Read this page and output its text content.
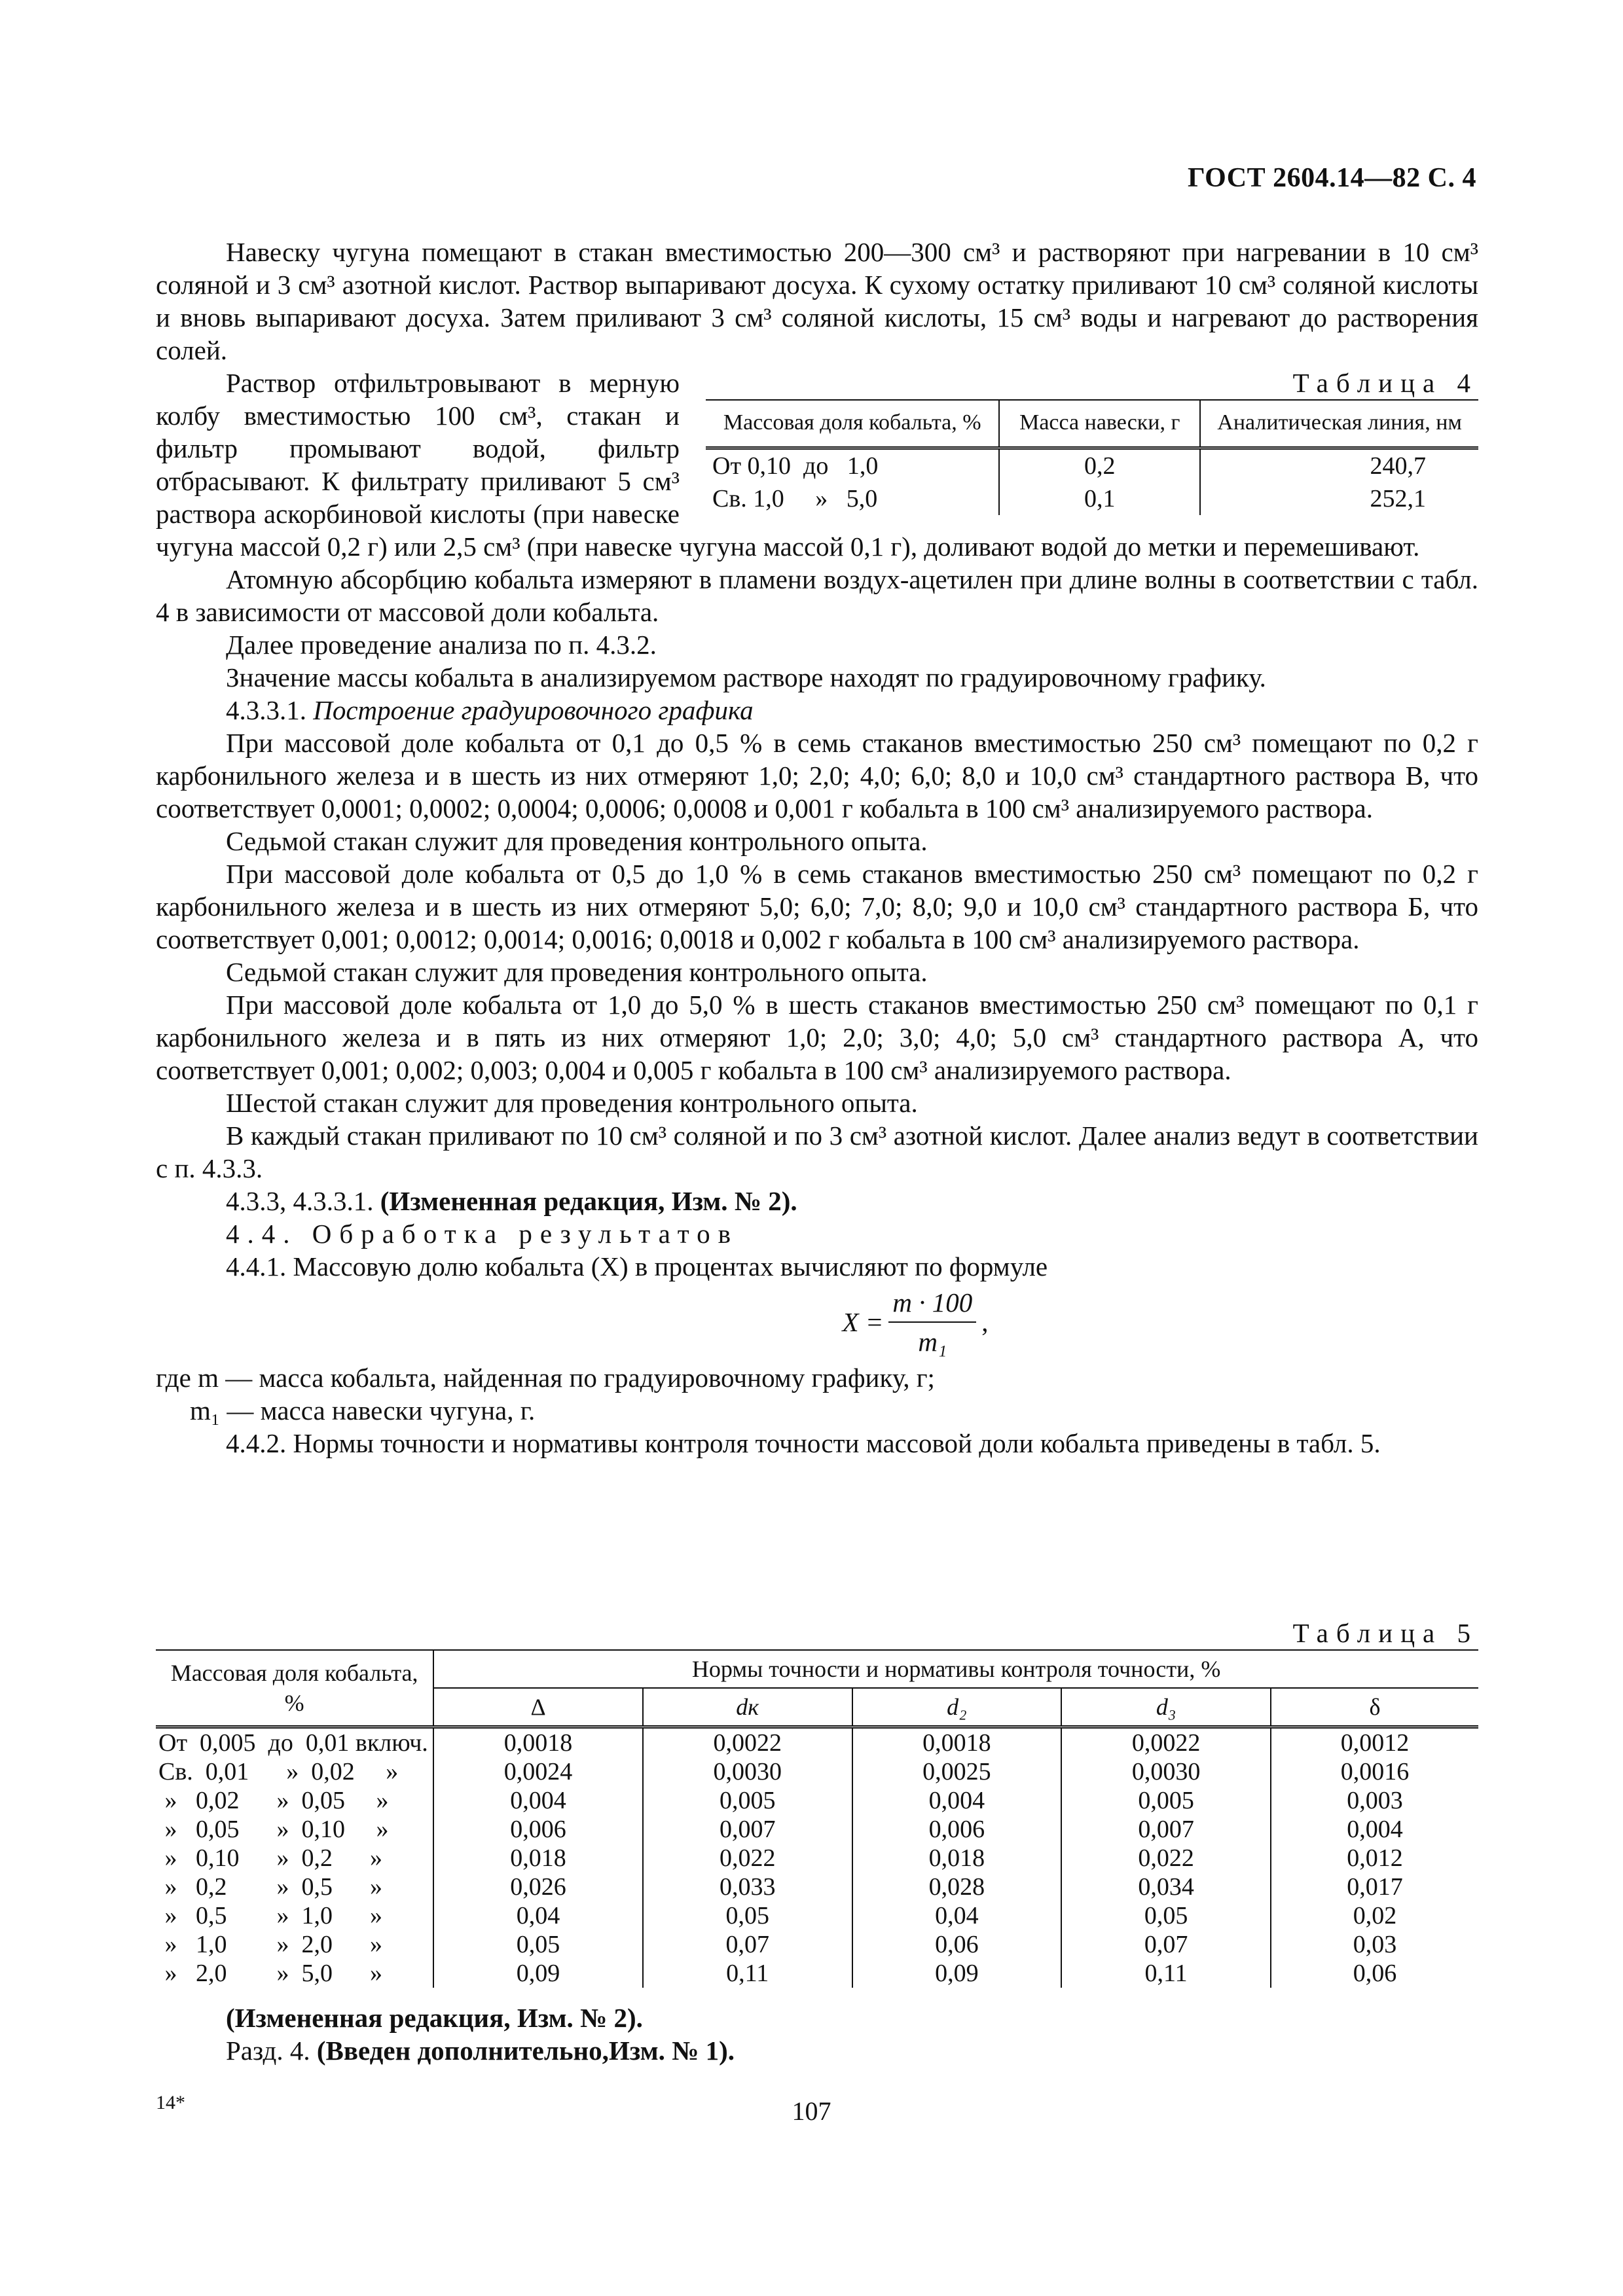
ГОСТ 2604.14—82 С. 4

Навеску чугуна помещают в стакан вместимостью 200—300 см³ и растворяют при нагревании в 10 см³ соляной и 3 см³ азотной кислот. Раствор выпаривают досуха. К сухому остатку приливают 10 см³ соляной кислоты и вновь выпаривают досуха. Затем приливают 3 см³ соляной кислоты, 15 см³ воды и нагревают до растворения солей.

Таблица 4
Массовая доля кобальта, %	Масса навески, г	Аналитическая линия, нм
От 0,10  до   1,0	0,2	240,7
Св. 1,0     »   5,0	0,1	252,1

Раствор отфильтровывают в мерную колбу вместимостью 100 см³, стакан и фильтр промывают водой, фильтр отбрасывают. К фильтрату приливают 5 см³ раствора аскорбиновой кислоты (при навеске чугуна массой 0,2 г) или 2,5 см³ (при навеске чугуна массой 0,1 г), доливают водой до метки и перемешивают.

Атомную абсорбцию кобальта измеряют в пламени воздух-ацетилен при длине волны в соответствии с табл. 4 в зависимости от массовой доли кобальта.

Далее проведение анализа по п. 4.3.2.

Значение массы кобальта в анализируемом растворе находят по градуировочному графику.

4.3.3.1. Построение градуировочного графика

При массовой доле кобальта от 0,1 до 0,5 % в семь стаканов вместимостью 250 см³ помещают по 0,2 г карбонильного железа и в шесть из них отмеряют 1,0; 2,0; 4,0; 6,0; 8,0 и 10,0 см³ стандартного раствора В, что соответствует 0,0001; 0,0002; 0,0004; 0,0006; 0,0008 и 0,001 г кобальта в 100 см³ анализируемого раствора.

Седьмой стакан служит для проведения контрольного опыта.

При массовой доле кобальта от 0,5 до 1,0 % в семь стаканов вместимостью 250 см³ помещают по 0,2 г карбонильного железа и в шесть из них отмеряют 5,0; 6,0; 7,0; 8,0; 9,0 и 10,0 см³ стандартного раствора Б, что соответствует 0,001; 0,0012; 0,0014; 0,0016; 0,0018 и 0,002 г кобальта в 100 см³ анализируемого раствора.

Седьмой стакан служит для проведения контрольного опыта.

При массовой доле кобальта от 1,0 до 5,0 % в шесть стаканов вместимостью 250 см³ помещают по 0,1 г карбонильного железа и в пять из них отмеряют 1,0; 2,0; 3,0; 4,0; 5,0 см³ стандартного раствора А, что соответствует 0,001; 0,002; 0,003; 0,004 и 0,005 г кобальта в 100 см³ анализируемого раствора.

Шестой стакан служит для проведения контрольного опыта.

В каждый стакан приливают по 10 см³ соляной и по 3 см³ азотной кислот. Далее анализ ведут в соответствии с п. 4.3.3.

4.3.3, 4.3.3.1. (Измененная редакция, Изм. № 2).

4.4. Обработка результатов

4.4.1. Массовую долю кобальта (X) в процентах вычисляют по формуле

$X = \frac{m \cdot 100}{\text{m₁}}$ ,

где m — масса кобальта, найденная по градуировочному графику, г;

m₁ — масса навески чугуна, г.

4.4.2. Нормы точности и нормативы контроля точности массовой доли кобальта приведены в табл. 5.

Таблица 5
Массовая доля кобальта, %	Нормы точности и нормативы контроля точности, %				
	Δ	dк	d₂	d₃	δ
От  0,005  до  0,01 включ.	0,0018	0,0022	0,0018	0,0022	0,0012
Св.  0,01      »  0,02     »	0,0024	0,0030	0,0025	0,0030	0,0016
»   0,02      »  0,05     »	0,004	0,005	0,004	0,005	0,003
»   0,05      »  0,10     »	0,006	0,007	0,006	0,007	0,004
»   0,10      »  0,2      »	0,018	0,022	0,018	0,022	0,012
»   0,2        »  0,5      »	0,026	0,033	0,028	0,034	0,017
»   0,5        »  1,0      »	0,04	0,05	0,04	0,05	0,02
»   1,0        »  2,0      »	0,05	0,07	0,06	0,07	0,03
»   2,0        »  5,0      »	0,09	0,11	0,09	0,11	0,06

(Измененная редакция, Изм. № 2).

Разд. 4. (Введен дополнительно,Изм. № 1).

14*	107
